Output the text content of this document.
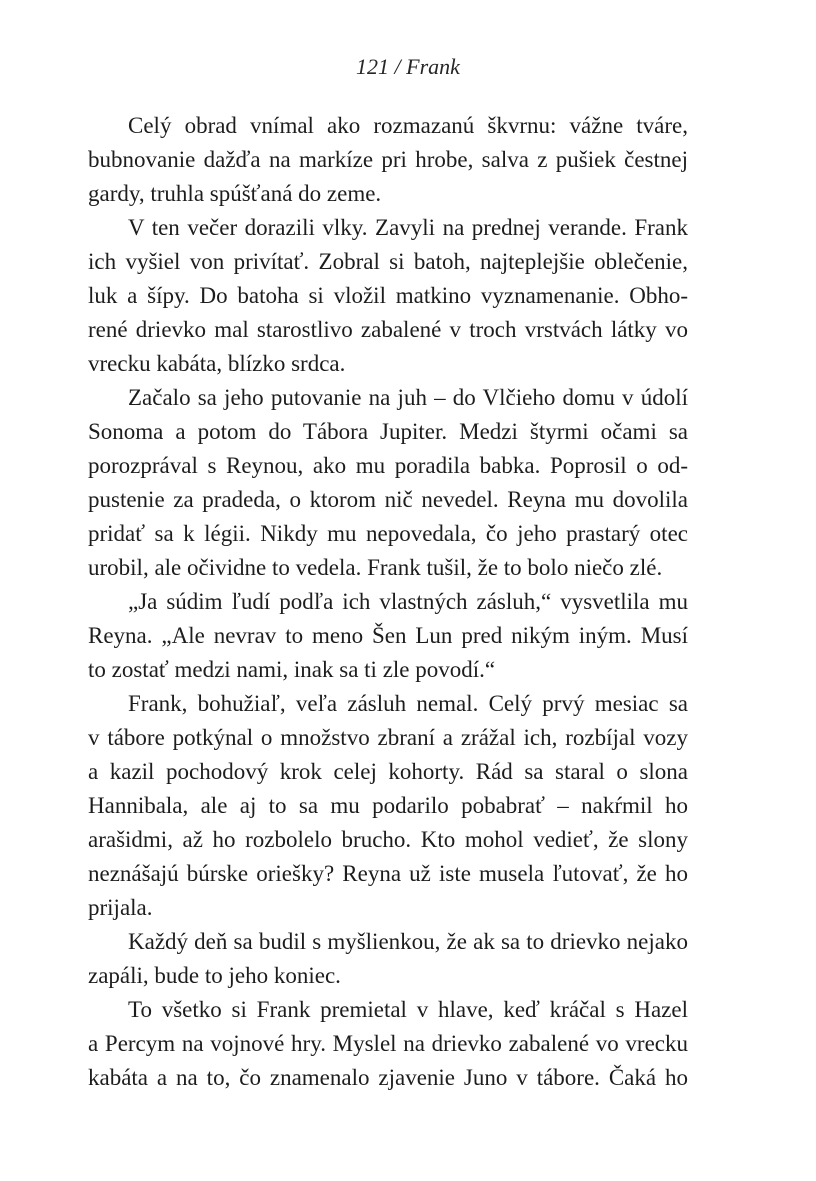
121 / Frank
Celý obrad vnímal ako rozmazanú škvrnu: vážne tváre,
bubnovanie dažďa na markíze pri hrobe, salva z pušiek čestnej
gardy, truhla spúšťaná do zeme.
V ten večer dorazili vlky. Zavyli na prednej verande. Frank
ich vyšiel von privítať. Zobral si batoh, najteplejšie oblečenie,
luk a šípy. Do batoha si vložil matkino vyznamenanie. Obho-
rené drievko mal starostlivo zabalené v troch vrstvách látky vo
vrecku kabáta, blízko srdca.
Začalo sa jeho putovanie na juh – do Vlčieho domu v údolí
Sonoma a potom do Tábora Jupiter. Medzi štyrmi očami sa
porozprával s Reynou, ako mu poradila babka. Poprosil o od-
pustenie za pradeda, o ktorom nič nevedel. Reyna mu dovolila
pridať sa k légii. Nikdy mu nepovedala, čo jeho prastarý otec
urobil, ale očividne to vedela. Frank tušil, že to bolo niečo zlé.
„Ja súdim ľudí podľa ich vlastných zásluh,“ vysvetlila mu
Reyna. „Ale nevrav to meno Šen Lun pred nikým iným. Musí
to zostať medzi nami, inak sa ti zle povodí.“
Frank, bohužiaľ, veľa zásluh nemal. Celý prvý mesiac sa
v tábore potkýnal o množstvo zbraní a zrážal ich, rozbíjal vozy
a kazil pochodový krok celej kohorty. Rád sa staral o slona
Hannibala, ale aj to sa mu podarilo pobabrať – nakŕmil ho
arašidmi, až ho rozbolelo brucho. Kto mohol vedieť, že slony
neznášajú búrske oriešky? Reyna už iste musela ľutovať, že ho
prijala.
Každý deň sa budil s myšlienkou, že ak sa to drievko nejako
zapáli, bude to jeho koniec.
To všetko si Frank premietal v hlave, keď kráčal s Hazel
a Percym na vojnové hry. Myslel na drievko zabalené vo vrecku
kabáta a na to, čo znamenalo zjavenie Juno v tábore. Čaká ho
